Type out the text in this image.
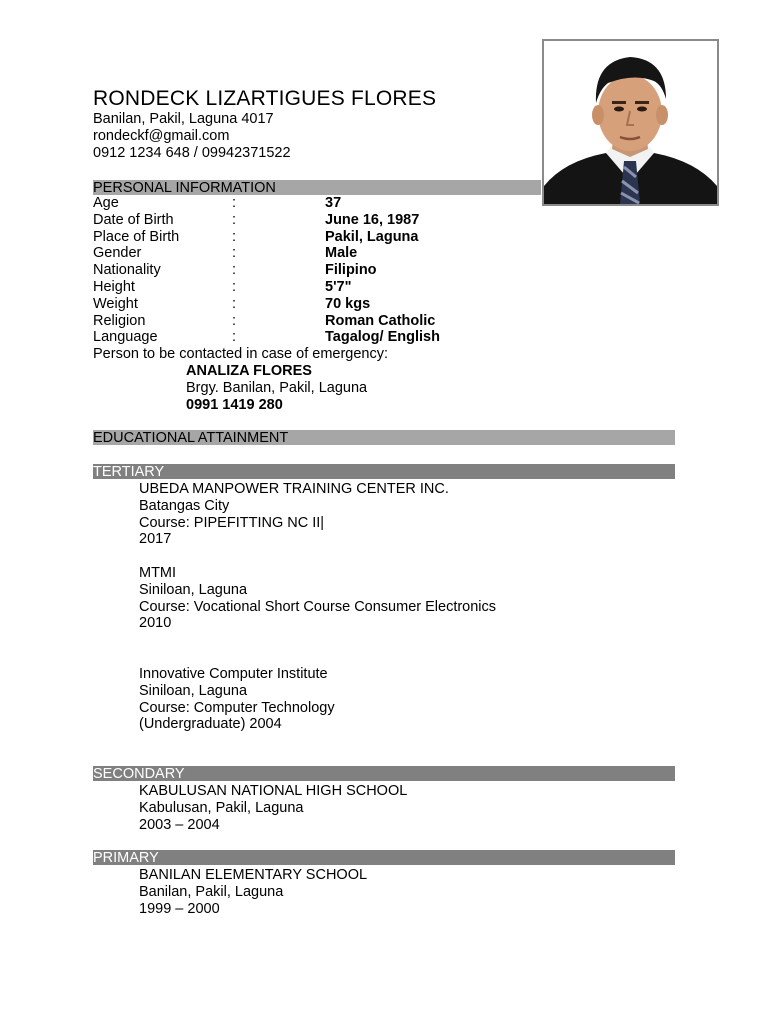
RONDECK LIZARTIGUES FLORES
Banilan, Pakil, Laguna 4017
rondeckf@gmail.com
0912 1234 648 / 09942371522
PERSONAL INFORMATION
Age	:	37
Date of Birth	:	June 16, 1987
Place of Birth	:	Pakil, Laguna
Gender	:	Male
Nationality	:	Filipino
Height	:	5'7"
Weight	:	70 kgs
Religion	:	Roman Catholic
Language	:	Tagalog/ English
Person to be contacted in case of emergency:
ANALIZA FLORES
Brgy. Banilan, Pakil, Laguna
0991 1419 280
EDUCATIONAL ATTAINMENT
TERTIARY
UBEDA MANPOWER TRAINING CENTER INC.
Batangas City
Course: PIPEFITTING NC II|
2017
MTMI
Siniloan, Laguna
Course: Vocational Short Course Consumer Electronics
2010
Innovative Computer Institute
Siniloan, Laguna
Course: Computer Technology
(Undergraduate) 2004
SECONDARY
KABULUSAN NATIONAL HIGH SCHOOL
Kabulusan, Pakil, Laguna
2003 – 2004
PRIMARY
BANILAN ELEMENTARY SCHOOL
Banilan, Pakil, Laguna
1999 – 2000
